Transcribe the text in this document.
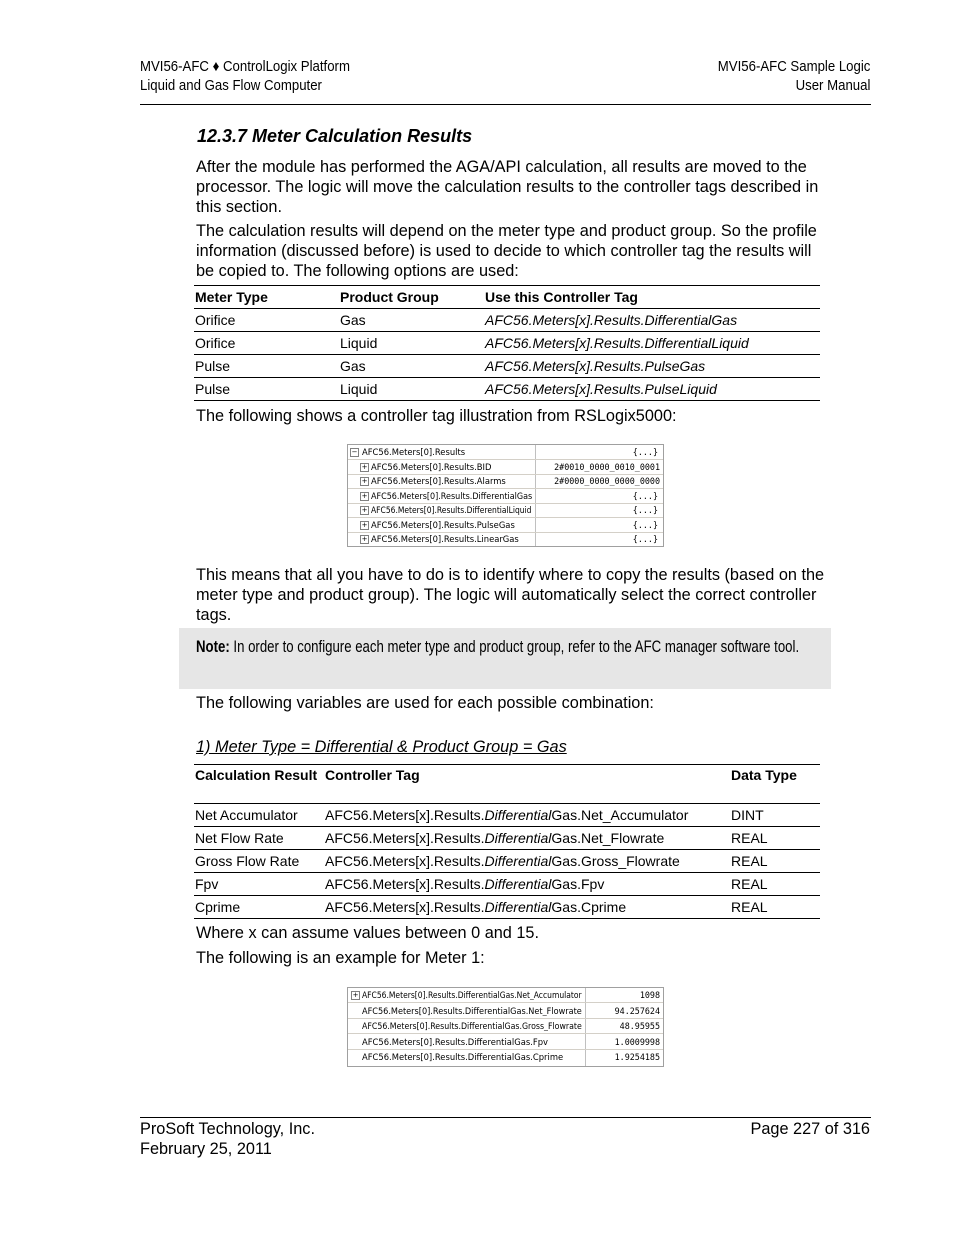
MVI56-AFC ♦ ControlLogix Platform
Liquid and Gas Flow Computer
MVI56-AFC Sample Logic
User Manual
12.3.7 Meter Calculation Results
After the module has performed the AGA/API calculation, all results are moved to the processor. The logic will move the calculation results to the controller tags described in this section.
The calculation results will depend on the meter type and product group. So the profile information (discussed before) is used to decide to which controller tag the results will be copied to. The following options are used:
Meter Type	Product Group	Use this Controller Tag
Orifice	Gas	AFC56.Meters[x].Results.DifferentialGas
Orifice	Liquid	AFC56.Meters[x].Results.DifferentialLiquid
Pulse	Gas	AFC56.Meters[x].Results.PulseGas
Pulse	Liquid	AFC56.Meters[x].Results.PulseLiquid
The following shows a controller tag illustration from RSLogix5000:
− AFC56.Meters[0].Results	{...}
+ AFC56.Meters[0].Results.BID	2#0010_0000_0010_0001
+ AFC56.Meters[0].Results.Alarms	2#0000_0000_0000_0000
+ AFC56.Meters[0].Results.DifferentialGas	{...}
+ AFC56.Meters[0].Results.DifferentialLiquid	{...}
+ AFC56.Meters[0].Results.PulseGas	{...}
+ AFC56.Meters[0].Results.LinearGas	{...}
This means that all you have to do is to identify where to copy the results (based on the meter type and product group). The logic will automatically select the correct controller tags.
Note: In order to configure each meter type and product group, refer to the AFC manager software tool.
The following variables are used for each possible combination:
1) Meter Type = Differential & Product Group = Gas
Calculation Result	Controller Tag	Data Type
Net Accumulator	AFC56.Meters[x].Results.DifferentialGas.Net_Accumulator	DINT
Net Flow Rate	AFC56.Meters[x].Results.DifferentialGas.Net_Flowrate	REAL
Gross Flow Rate	AFC56.Meters[x].Results.DifferentialGas.Gross_Flowrate	REAL
Fpv	AFC56.Meters[x].Results.DifferentialGas.Fpv	REAL
Cprime	AFC56.Meters[x].Results.DifferentialGas.Cprime	REAL
Where x can assume values between 0 and 15.
The following is an example for Meter 1:
+ AFC56.Meters[0].Results.DifferentialGas.Net_Accumulator	1098
AFC56.Meters[0].Results.DifferentialGas.Net_Flowrate	94.257624
AFC56.Meters[0].Results.DifferentialGas.Gross_Flowrate	48.95955
AFC56.Meters[0].Results.DifferentialGas.Fpv	1.0009998
AFC56.Meters[0].Results.DifferentialGas.Cprime	1.9254185
ProSoft Technology, Inc.
February 25, 2011
Page 227 of 316
